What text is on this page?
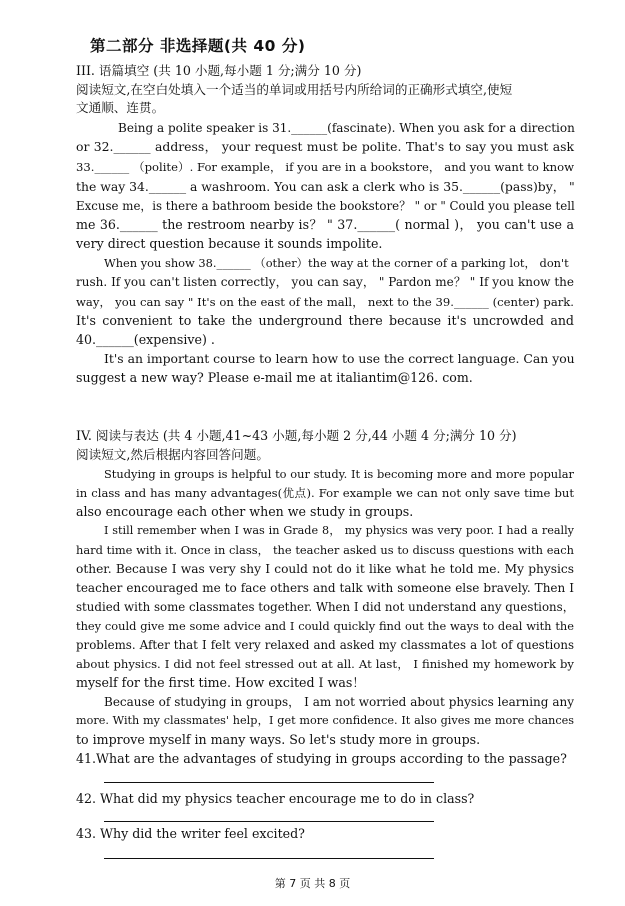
第二部分 非选择题(共 40 分)
III. 语篇填空 (共 10 小题,每小题 1 分;满分 10 分)
阅读短文,在空白处填入一个适当的单词或用括号内所给词的正确形式填空,使短
文通顺、连贯。
Being a polite speaker is 31.______(fascinate). When you ask for a direction
or 32.______ address， your request must be polite. That's to say you must ask
33.______ （polite）. For example， if you are in a bookstore， and you want to know
the way 34.______ a washroom. You can ask a clerk who is 35.______(pass)by， "
Excuse me，is there a bathroom beside the bookstore？ " or " Could you please tell
me 36.______ the restroom nearby is？ " 37.______( normal )， you can't use a
very direct question because it sounds impolite.
When you show 38.______ （other）the way at the corner of a parking lot， don't
rush. If you can't listen correctly， you can say， " Pardon me？ " If you know the
way， you can say " It's on the east of the mall， next to the 39.______ (center) park.
It's convenient to take the underground there because it's uncrowded and
40.______(expensive) .
It's an important course to learn how to use the correct language. Can you
suggest a new way? Please e-mail me at italiantim@126. com.
IV. 阅读与表达 (共 4 小题,41~43 小题,每小题 2 分,44 小题 4 分;满分 10 分)
阅读短文,然后根据内容回答问题。
Studying in groups is helpful to our study. It is becoming more and more popular
in class and has many advantages(优点). For example we can not only save time but
also encourage each other when we study in groups.
I still remember when I was in Grade 8， my physics was very poor. I had a really
hard time with it. Once in class， the teacher asked us to discuss questions with each
other. Because I was very shy I could not do it like what he told me. My physics
teacher encouraged me to face others and talk with someone else bravely. Then I
studied with some classmates together. When I did not understand any questions，
they could give me some advice and I could quickly find out the ways to deal with the
problems. After that I felt very relaxed and asked my classmates a lot of questions
about physics. I did not feel stressed out at all. At last， I finished my homework by
myself for the first time. How excited I was！
Because of studying in groups， I am not worried about physics learning any
more. With my classmates' help，I get more confidence. It also gives me more chances
to improve myself in many ways. So let's study more in groups.
41.What are the advantages of studying in groups according to the passage?
42. What did my physics teacher encourage me to do in class?
43. Why did the writer feel excited?
第 7 页 共 8 页
